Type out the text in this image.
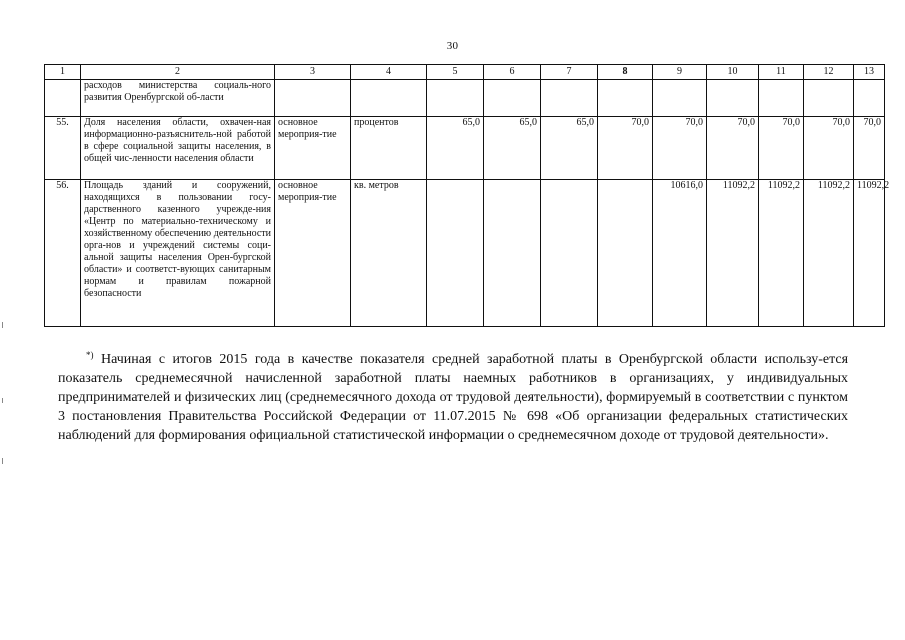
30
1	2	3	4	5	6	7	8	9	10	11	12	13
	расходов министерства социаль-ного развития Оренбургской об-ласти											
55.	Доля населения области, охвачен-ная информационно-разъяснитель-ной работой в сфере социальной защиты населения, в общей чис-ленности населения области	основное мероприя-тие	процентов	65,0	65,0	65,0	70,0	70,0	70,0	70,0	70,0	70,0
56.	Площадь зданий и сооружений, находящихся в пользовании госу-дарственного казенного учрежде-ния «Центр по материально-техническому и хозяйственному обеспечению деятельности орга-нов и учреждений системы соци-альной защиты населения Орен-бургской области» и соответст-вующих санитарным нормам и правилам пожарной безопасности	основное мероприя-тие	кв. метров					10616,0	11092,2	11092,2	11092,2	11092,2
*) Начиная с итогов 2015 года в качестве показателя средней заработной платы в Оренбургской области использу-ется показатель среднемесячной начисленной заработной платы наемных работников в организациях, у индивидуальных предпринимателей и физических лиц (среднемесячного дохода от трудовой деятельности), формируемый в соответствии с пунктом 3 постановления Правительства Российской Федерации от 11.07.2015 № 698 «Об организации федеральных статистических наблюдений для формирования официальной статистической информации о среднемесячном доходе от трудовой деятельности».
